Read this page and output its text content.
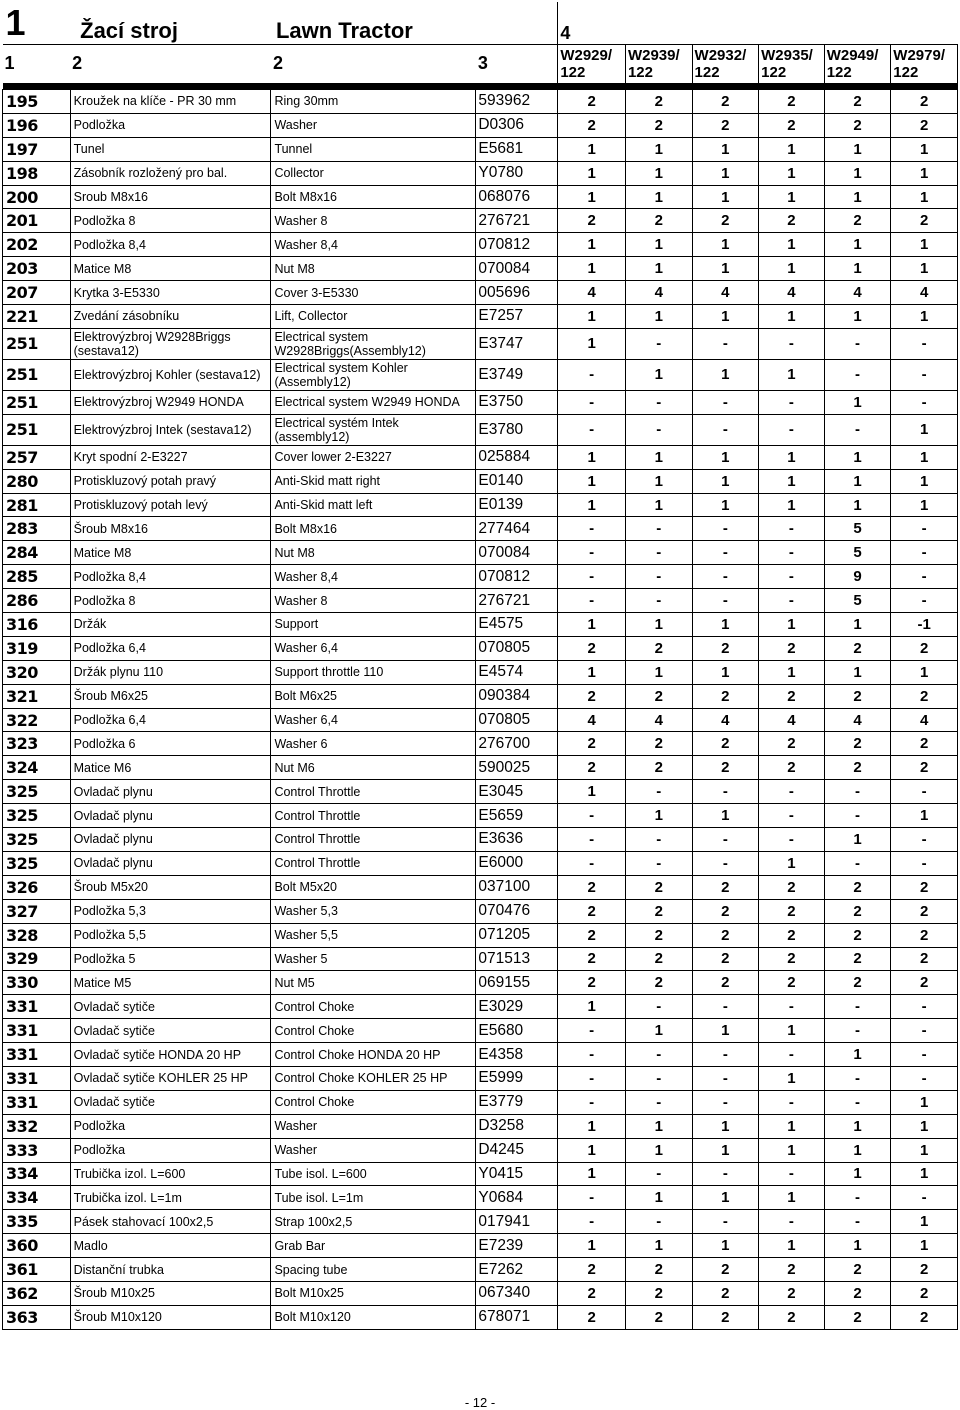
1	Žací stroj	Lawn Tractor		4					
1	2	2	3	W2929/ 122	W2939/ 122	W2932/ 122	W2935/ 122	W2949/ 122	W2979/ 122

195	Kroužek na klíče - PR 30 mm	Ring 30mm	593962	2	2	2	2	2	2
196	Podložka	Washer	D0306	2	2	2	2	2	2
197	Tunel	Tunnel	E5681	1	1	1	1	1	1
198	Zásobník rozložený pro bal.	Collector	Y0780	1	1	1	1	1	1
200	Sroub M8x16	Bolt M8x16	068076	1	1	1	1	1	1
201	Podložka 8	Washer 8	276721	2	2	2	2	2	2
202	Podložka 8,4	Washer 8,4	070812	1	1	1	1	1	1
203	Matice M8	Nut M8	070084	1	1	1	1	1	1
207	Krytka 3-E5330	Cover 3-E5330	005696	4	4	4	4	4	4
221	Zvedání zásobníku	Lift, Collector	E7257	1	1	1	1	1	1
251	Elektrovýzbroj W2928Briggs (sestava12)	Electrical system W2928Briggs(Assembly12)	E3747	1	-	-	-	-	-
251	Elektrovýzbroj Kohler (sestava12)	Electrical system Kohler (Assembly12)	E3749	-	1	1	1	-	-
251	Elektrovýzbroj W2949 HONDA	Electrical system W2949 HONDA	E3750	-	-	-	-	1	-
251	Elektrovýzbroj Intek (sestava12)	Electrical systém Intek (assembly12)	E3780	-	-	-	-	-	1
257	Kryt spodní 2-E3227	Cover lower 2-E3227	025884	1	1	1	1	1	1
280	Protiskluzový potah pravý	Anti-Skid matt right	E0140	1	1	1	1	1	1
281	Protiskluzový potah levý	Anti-Skid matt left	E0139	1	1	1	1	1	1
283	Šroub M8x16	Bolt M8x16	277464	-	-	-	-	5	-
284	Matice M8	Nut M8	070084	-	-	-	-	5	-
285	Podložka 8,4	Washer 8,4	070812	-	-	-	-	9	-
286	Podložka 8	Washer 8	276721	-	-	-	-	5	-
316	Držák	Support	E4575	1	1	1	1	1	-1
319	Podložka 6,4	Washer 6,4	070805	2	2	2	2	2	2
320	Držák plynu 110	Support throttle 110	E4574	1	1	1	1	1	1
321	Šroub M6x25	Bolt M6x25	090384	2	2	2	2	2	2
322	Podložka 6,4	Washer 6,4	070805	4	4	4	4	4	4
323	Podložka 6	Washer 6	276700	2	2	2	2	2	2
324	Matice M6	Nut M6	590025	2	2	2	2	2	2
325	Ovladač plynu	Control Throttle	E3045	1	-	-	-	-	-
325	Ovladač plynu	Control Throttle	E5659	-	1	1	-	-	1
325	Ovladač plynu	Control Throttle	E3636	-	-	-	-	1	-
325	Ovladač plynu	Control Throttle	E6000	-	-	-	1	-	-
326	Šroub M5x20	Bolt M5x20	037100	2	2	2	2	2	2
327	Podložka 5,3	Washer 5,3	070476	2	2	2	2	2	2
328	Podložka 5,5	Washer 5,5	071205	2	2	2	2	2	2
329	Podložka 5	Washer 5	071513	2	2	2	2	2	2
330	Matice M5	Nut M5	069155	2	2	2	2	2	2
331	Ovladač sytiče	Control Choke	E3029	1	-	-	-	-	-
331	Ovladač sytiče	Control Choke	E5680	-	1	1	1	-	-
331	Ovladač sytiče HONDA 20 HP	Control Choke HONDA 20 HP	E4358	-	-	-	-	1	-
331	Ovladač sytiče KOHLER 25 HP	Control Choke KOHLER 25 HP	E5999	-	-	-	1	-	-
331	Ovladač sytiče	Control Choke	E3779	-	-	-	-	-	1
332	Podložka	Washer	D3258	1	1	1	1	1	1
333	Podložka	Washer	D4245	1	1	1	1	1	1
334	Trubička izol. L=600	Tube isol. L=600	Y0415	1	-	-	-	1	1
334	Trubička izol. L=1m	Tube isol. L=1m	Y0684	-	1	1	1	-	-
335	Pásek stahovací 100x2,5	Strap 100x2,5	017941	-	-	-	-	-	1
360	Madlo	Grab Bar	E7239	1	1	1	1	1	1
361	Distanční trubka	Spacing tube	E7262	2	2	2	2	2	2
362	Šroub M10x25	Bolt M10x25	067340	2	2	2	2	2	2
363	Šroub M10x120	Bolt M10x120	678071	2	2	2	2	2	2
- 12 -
